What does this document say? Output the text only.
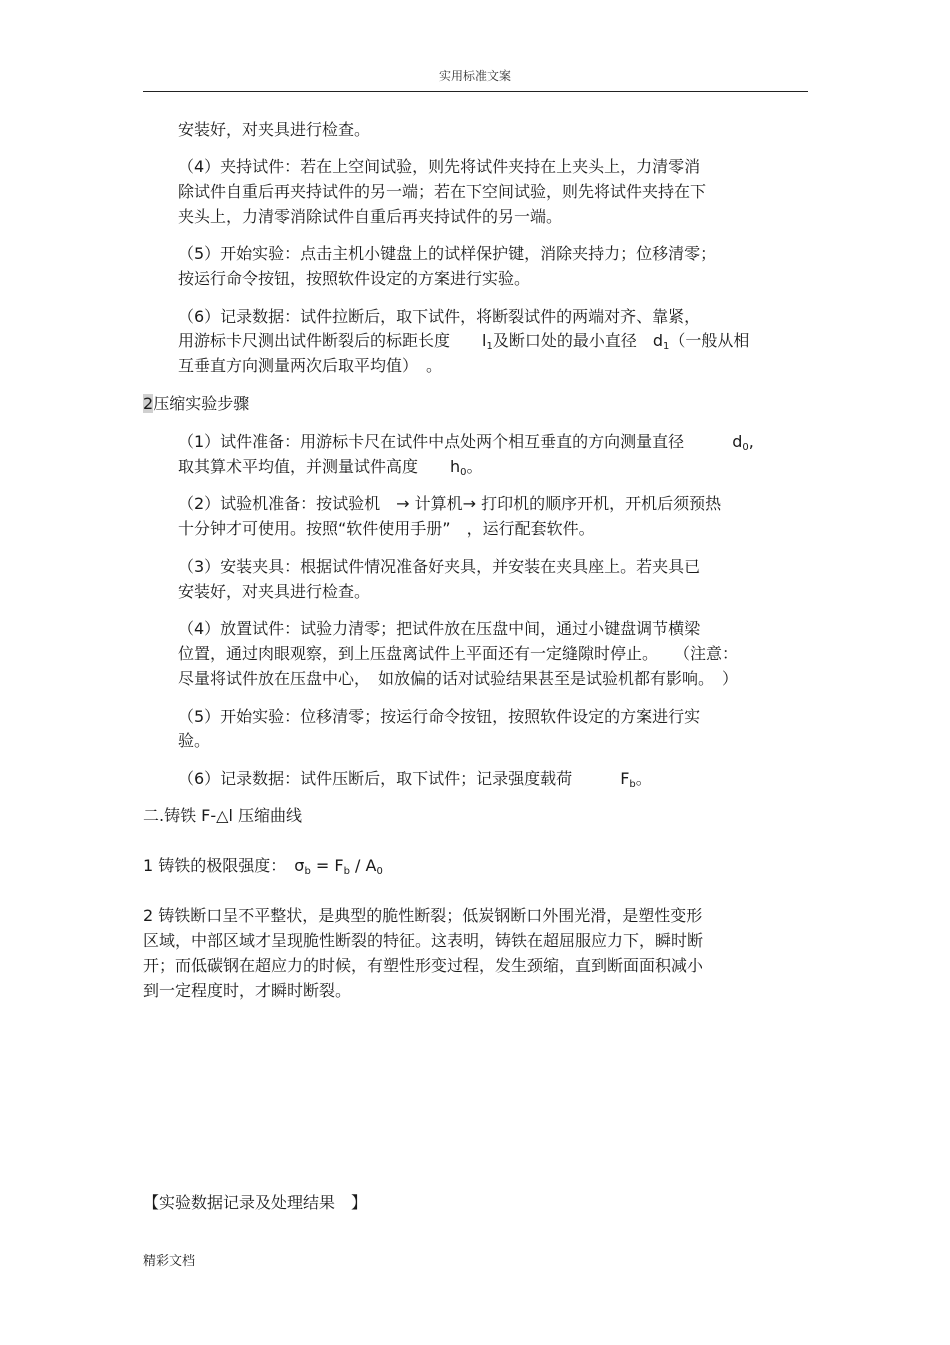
实用标准文案
安装好，对夹具进行检查。
（4）夹持试件：若在上空间试验，则先将试件夹持在上夹头上，力清零消
除试件自重后再夹持试件的另一端；若在下空间试验，则先将试件夹持在下
夹头上，力清零消除试件自重后再夹持试件的另一端。
（5）开始实验：点击主机小键盘上的试样保护键，消除夹持力；位移清零；
按运行命令按钮，按照软件设定的方案进行实验。
（6）记录数据：试件拉断后，取下试件，将断裂试件的两端对齐、靠紧，
用游标卡尺测出试件断裂后的标距长度　　 $l_1$及断口处的最小直径　 $d_1$（一般从相
互垂直方向测量两次后取平均值）　。
2压缩实验步骤
（1）试件准备：用游标卡尺在试件中点处两个相互垂直的方向测量直径　　　	$d_0$,
取其算术平均值，并测量试件高度　　 $h_0$。
（2）试验机准备：按试验机　→ 计算机→ 打印机的顺序开机，开机后须预热
十分钟才可使用。按照“软件使用手册”　，运行配套软件。
（3）安装夹具：根据试件情况准备好夹具，并安装在夹具座上。若夹具已
安装好，对夹具进行检查。
（4）放置试件：试验力清零；把试件放在压盘中间，通过小键盘调节横梁
位置，通过肉眼观察，到上压盘离试件上平面还有一定缝隙时停止。　　 （注意：
尽量将试件放在压盘中心，　如放偏的话对试验结果甚至是试验机都有影响。　）
（5）开始实验：位移清零；按运行命令按钮，按照软件设定的方案进行实
验。
（6）记录数据：试件压断后，取下试件；记录强度载荷　　　	$F_b$。
二.铸铁 F-△l 压缩曲线
1 铸铁的极限强度：　 $\sigma_b = F_b / A_0$
2 铸铁断口呈不平整状，是典型的脆性断裂；低炭钢断口外围光滑，是塑性变形
区域，中部区域才呈现脆性断裂的特征。这表明，铸铁在超屈服应力下，瞬时断
开；而低碳钢在超应力的时候，有塑性形变过程，发生颈缩，直到断面面积减小
到一定程度时，才瞬时断裂。
【实验数据记录及处理结果　】
精彩文档
